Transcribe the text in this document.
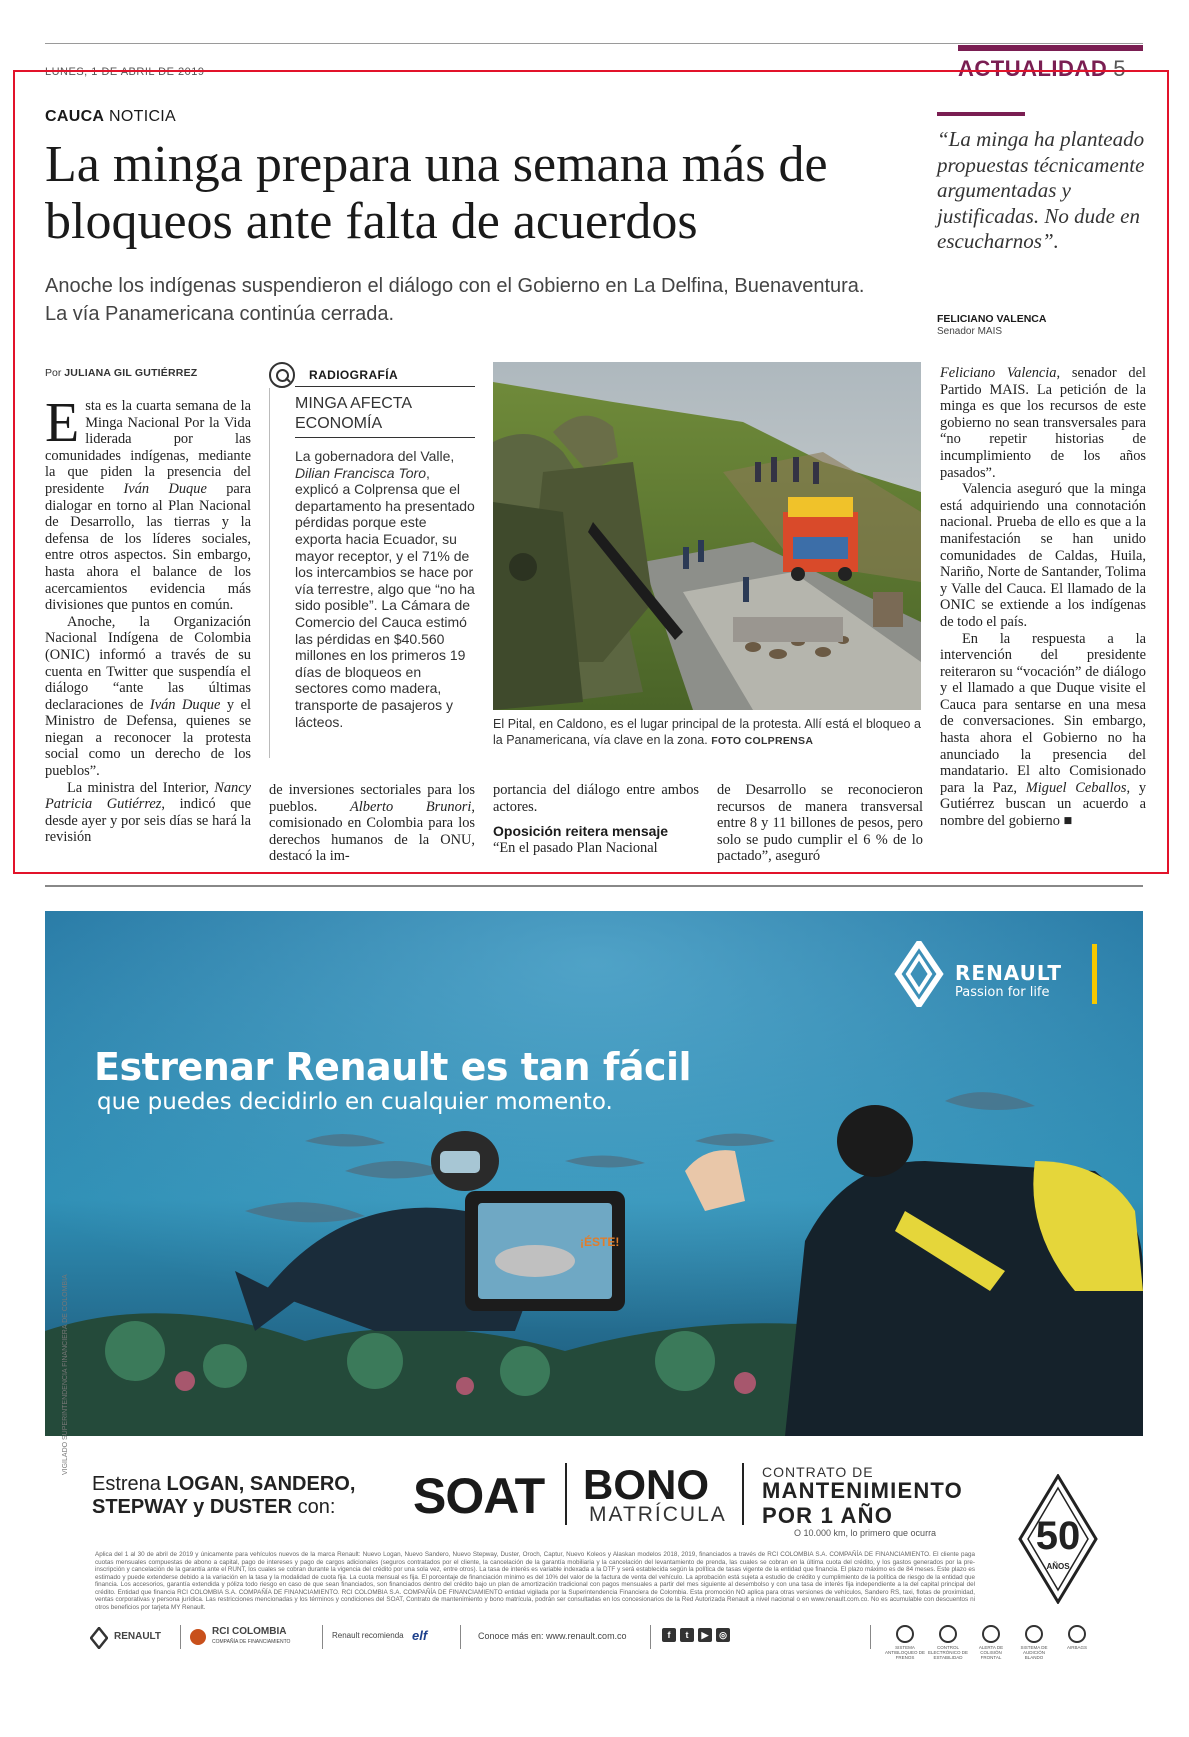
LUNES, 1 DE ABRIL DE 2019	ACTUALIDAD 5
CAUCA NOTICIA
La minga prepara una semana más de bloqueos ante falta de acuerdos
Anoche los indígenas suspendieron el diálogo con el Gobierno en La Delfina, Buenaventura. La vía Panamericana continúa cerrada.
“La minga ha planteado propuestas técnicamente argumentadas y justificadas. No dude en escucharnos”.
FELICIANO VALENCA
Senador MAIS
Por JULIANA GIL GUTIÉRREZ

Esta es la cuarta semana de la Minga Nacional Por la Vida liderada por las comunidades indígenas, mediante la que piden la presencia del presidente Iván Duque para dialogar en torno al Plan Nacional de Desarrollo, las tierras y la defensa de los líderes sociales, entre otros aspectos. Sin embargo, hasta ahora el balance de los acercamientos evidencia más divisiones que puntos en común.

Anoche, la Organización Nacional Indígena de Colombia (ONIC) informó a través de su cuenta en Twitter que suspendía el diálogo “ante las últimas declaraciones de Iván Duque y el Ministro de Defensa, quienes se niegan a reconocer la protesta social como un derecho de los pueblos”.

La ministra del Interior, Nancy Patricia Gutiérrez, indicó que desde ayer y por seis días se hará la revisión

RADIOGRAFÍA
MINGA AFECTA ECONOMÍA
La gobernadora del Valle, Dilian Francisca Toro, explicó a Colprensa que el departamento ha presentado pérdidas porque este exporta hacia Ecuador, su mayor receptor, y el 71% de los intercambios se hace por vía terrestre, algo que “no ha sido posible”. La Cámara de Comercio del Cauca estimó las pérdidas en $40.560 millones en los primeros 19 días de bloqueos en sectores como madera, transporte de pasajeros y lácteos.	El Pital, en Caldono, es el lugar principal de la protesta. Allí está el bloqueo a la Panamericana, vía clave en la zona. FOTO COLPRENSA

de inversiones sectoriales para los pueblos. Alberto Brunori, comisionado en Colombia para los derechos humanos de la ONU, destacó la im-

portancia del diálogo entre ambos actores.

Oposición reitera mensaje

“En el pasado Plan Nacional

de Desarrollo se reconocieron recursos de manera transversal entre 8 y 11 billones de pesos, pero solo se pudo cumplir el 6 % de lo pactado”, aseguró

Feliciano Valencia, senador del Partido MAIS. La petición de la minga es que los recursos de este gobierno no sean transversales para “no repetir historias de incumplimiento de los años pasados”.

Valencia aseguró que la minga está adquiriendo una connotación nacional. Prueba de ello es que a la manifestación se han unido comunidades de Caldas, Huila, Nariño, Norte de Santander, Tolima y Valle del Cauca. El llamado de la ONIC se extiende a los indígenas de todo el país.

En la respuesta a la intervención del presidente reiteraron su “vocación” de diálogo y el llamado a que Duque visite el Cauca para sentarse en una mesa de conversaciones. Sin embargo, hasta ahora el Gobierno no ha anunciado la presencia del mandatario. El alto Comisionado para la Paz, Miguel Ceballos, y Gutiérrez buscan un acuerdo a nombre del gobierno ■

Estrenar Renault es tan fácil
que puedes decidirlo en cualquier momento.
RENAULT
Passion for life
¡ÉSTE!
VIGILADO SUPERINTENDENCIA FINANCIERA DE COLOMBIA
Estrena LOGAN, SANDERO,
STEPWAY y DUSTER con:	SOAT BONO
MATRÍCULA
CONTRATO DE
MANTENIMIENTO
POR 1 AÑO
O 10.000 km, lo primero que ocurra 50
AÑOS
Aplica del 1 al 30 de abril de 2019 y únicamente para vehículos nuevos de la marca Renault: Nuevo Logan, Nuevo Sandero, Nuevo Stepway, Duster, Oroch, Captur, Nuevo Koleos y Alaskan modelos 2018, 2019, financiados a través de RCI COLOMBIA S.A. COMPAÑÍA DE FINANCIAMIENTO. El cliente paga cuotas mensuales compuestas de abono a capital, pago de intereses y pago de cargos adicionales (seguros contratados por el cliente, la cancelación de la garantía mobiliaria y la cancelación del levantamiento de prenda, las cuales se cobran en la última cuota del crédito, y los gastos generados por la pre-inscripción y cancelación de la garantía ante el RUNT, los cuales se cobran durante la vigencia del crédito por una sola vez, entre otros). La tasa de interés es variable indexada a la DTF y será establecida según la política de tasas vigente de la entidad que financia. El plazo máximo es de 84 meses. Este plazo es estimado y puede extenderse debido a la variación en la tasa y la modalidad de cuota fija. La cuota mensual es fija. El porcentaje de financiación mínimo es del 10% del valor de la factura de venta del vehículo. La aprobación está sujeta a estudio de crédito y cumplimiento de la política de riesgo de la entidad que financia. Los accesorios, garantía extendida y póliza todo riesgo en caso de que sean financiados, son financiados dentro del crédito bajo un plan de amortización tradicional con pagos mensuales a partir del mes siguiente al desembolso y con una tasa de interés fija independiente a la del capital principal del crédito. Entidad que financia RCI COLOMBIA S.A. COMPAÑÍA DE FINANCIAMIENTO. RCI COLOMBIA S.A. COMPAÑÍA DE FINANCIAMIENTO entidad vigilada por la Superintendencia Financiera de Colombia. Esta promoción NO aplica para otras versiones de vehículos, Sandero RS, taxi, flotas de proximidad, ventas corporativas y persona jurídica. Las restricciones mencionadas y los términos y condiciones del SOAT, Contrato de mantenimiento y bono matrícula, podrán ser consultadas en los concesionarios de la Red Autorizada Renault a nivel nacional o en www.renault.com.co. No es acumulable con descuentos ni otros beneficios por tarjeta MY Renault.
RENAULT	RCI COLOMBIA
COMPAÑÍA DE FINANCIAMIENTO
Renault recomienda elf	Conoce más en: www.renault.com.co	f	t	▶	◎
SISTEMA ANTIBLOQUEO DE FRENOS
CONTROL ELECTRÓNICO DE ESTABILIDAD
ALERTA DE COLISIÓN FRONTAL
SISTEMA DE AUDICIÓN BLANDO
AIRBAGS
